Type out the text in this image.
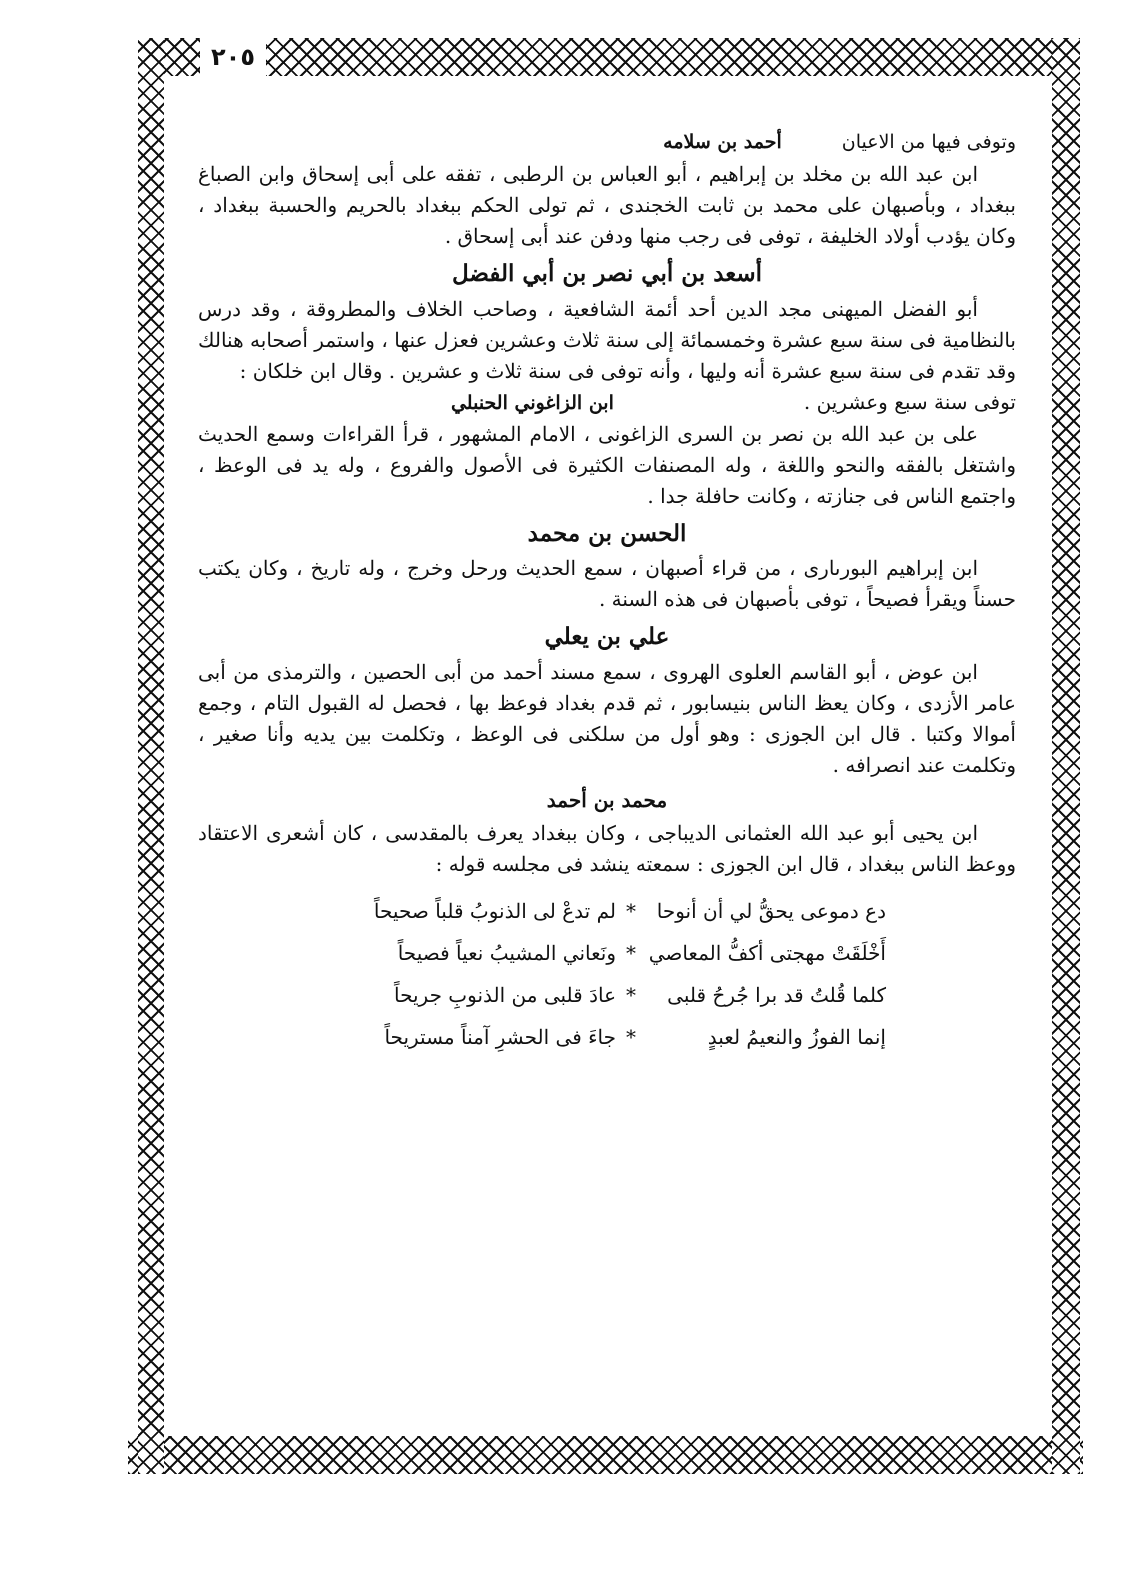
٢٠٥
وتوفى فيها من الاعيان
أحمد بن سلامه

ابن عبد الله بن مخلد بن إبراهيم ، أبو العباس بن الرطبى ، تفقه على أبى إسحاق وابن الصباغ ببغداد ، وبأصبهان على محمد بن ثابت الخجندى ، ثم تولى الحكم ببغداد بالحريم والحسبة ببغداد ، وكان يؤدب أولاد الخليفة ، توفى فى رجب منها ودفن عند أبى إسحاق .

أسعد بن أبي نصر بن أبي الفضل

أبو الفضل الميهنى مجد الدين أحد أئمة الشافعية ، وصاحب الخلاف والمطروقة ، وقد درس بالنظامية فى سنة سبع عشرة وخمسمائة إلى سنة ثلاث وعشرين فعزل عنها ، واستمر أصحابه هنالك وقد تقدم فى سنة سبع عشرة أنه وليها ، وأنه توفى فى سنة ثلاث و عشرين . وقال ابن خلكان :

توفى سنة سبع وعشرين .
ابن الزاغوني الحنبلي

على بن عبد الله بن نصر بن السرى الزاغونى ، الامام المشهور ، قرأ القراءات وسمع الحديث واشتغل بالفقه والنحو واللغة ، وله المصنفات الكثيرة فى الأصول والفروع ، وله يد فى الوعظ ، واجتمع الناس فى جنازته ، وكانت حافلة جدا .

الحسن بن محمد

ابن إبراهيم البورىارى ، من قراء أصبهان ، سمع الحديث ورحل وخرج ، وله تاريخ ، وكان يكتب حسناً ويقرأ فصيحاً ، توفى بأصبهان فى هذه السنة .

علي بن يعلي

ابن عوض ، أبو القاسم العلوى الهروى ، سمع مسند أحمد من أبى الحصين ، والترمذى من أبى عامر الأزدى ، وكان يعظ الناس بنيسابور ، ثم قدم بغداد فوعظ بها ، فحصل له القبول التام ، وجمع أموالا وكتبا . قال ابن الجوزى : وهو أول من سلكنى فى الوعظ ، وتكلمت بين يديه وأنا صغير ، وتكلمت عند انصرافه .

محمد بن أحمد

ابن يحيى أبو عبد الله العثمانى الديباجى ، وكان ببغداد يعرف بالمقدسى ، كان أشعرى الاعتقاد ووعظ الناس ببغداد ، قال ابن الجوزى : سمعته ينشد فى مجلسه قوله :

دع دموعى يحقُّ لي أن أنوحا
*
لم تدعْ لى الذنوبُ قلباً صحيحاً
أَخْلَقَتْ مهجتى أكفُّ المعاصي
*
ونَعاني المشيبُ نعياً فصيحاً
كلما قُلتُ قد برا جُرحُ قلبى
*
عادَ قلبى من الذنوبِ جريحاً
إنما الفوزُ والنعيمُ لعبدٍ
*
جاءَ فى الحشرِ آمناً مستريحاً
